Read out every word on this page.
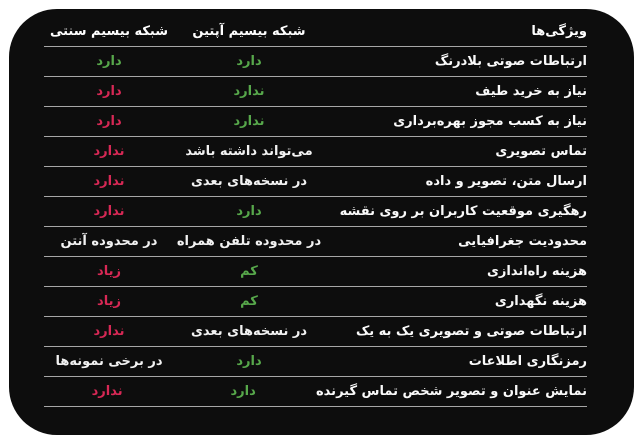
ویژگی‌ها
شبکه بیسیم آپتین
شبکه بیسیم سنتی
ارتباطات صوتی بلادرنگ
دارد
دارد
نیاز به خرید طیف
ندارد
دارد
نیاز به کسب مجوز بهره‌برداری
ندارد
دارد
تماس تصویری
می‌تواند داشته باشد
ندارد
ارسال متن، تصویر و داده
در نسخه‌های بعدی
ندارد
رهگیری موقعیت کاربران بر روی نقشه
دارد
ندارد
محدودیت جغرافیایی
در محدوده تلفن همراه
در محدوده آنتن
هزینه راه‌اندازی
کم
زیاد
هزینه نگهداری
کم
زیاد
ارتباطات صوتی و تصویری یک به یک
در نسخه‌های بعدی
ندارد
رمزنگاری اطلاعات
دارد
در برخی نمونه‌ها
نمایش عنوان و تصویر شخص تماس گیرنده
دارد
ندارد
